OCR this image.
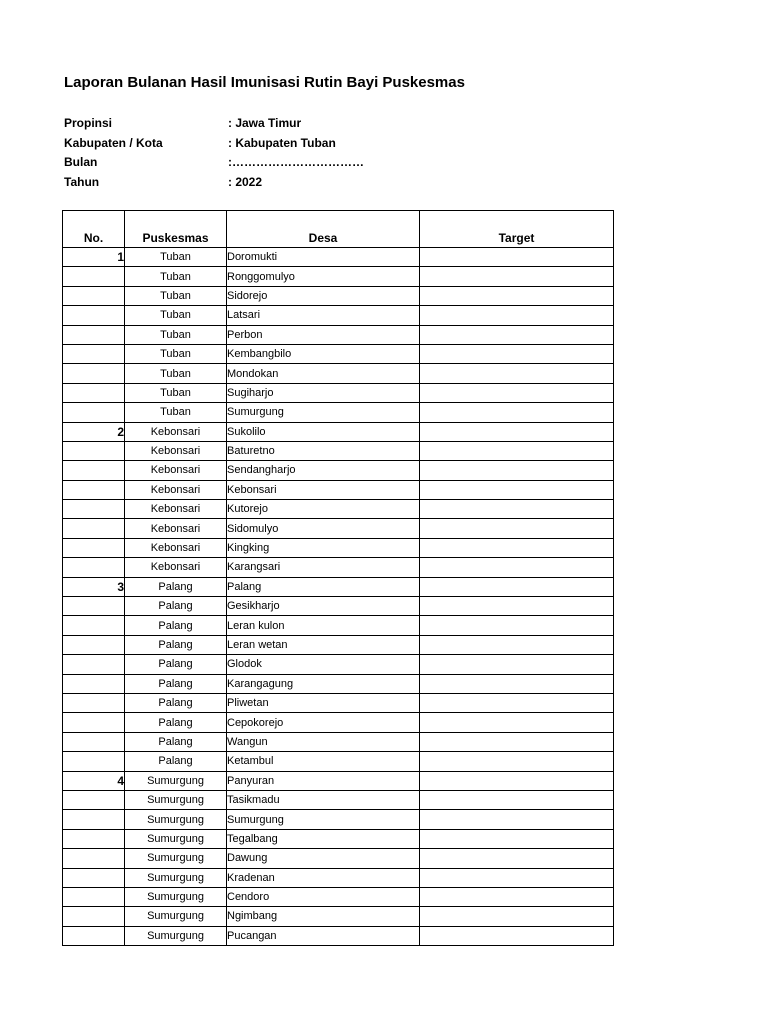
Laporan Bulanan Hasil Imunisasi Rutin Bayi Puskesmas
Propinsi	: Jawa Timur
Kabupaten / Kota	: Kabupaten Tuban
Bulan	:……………………………
Tahun	: 2022
No.	Puskesmas	Desa	Target
1	Tuban	Doromukti	
	Tuban	Ronggomulyo	
	Tuban	Sidorejo	
	Tuban	Latsari	
	Tuban	Perbon	
	Tuban	Kembangbilo	
	Tuban	Mondokan	
	Tuban	Sugiharjo	
	Tuban	Sumurgung	
2	Kebonsari	Sukolilo	
	Kebonsari	Baturetno	
	Kebonsari	Sendangharjo	
	Kebonsari	Kebonsari	
	Kebonsari	Kutorejo	
	Kebonsari	Sidomulyo	
	Kebonsari	Kingking	
	Kebonsari	Karangsari	
3	Palang	Palang	
	Palang	Gesikharjo	
	Palang	Leran kulon	
	Palang	Leran wetan	
	Palang	Glodok	
	Palang	Karangagung	
	Palang	Pliwetan	
	Palang	Cepokorejo	
	Palang	Wangun	
	Palang	Ketambul	
4	Sumurgung	Panyuran	
	Sumurgung	Tasikmadu	
	Sumurgung	Sumurgung	
	Sumurgung	Tegalbang	
	Sumurgung	Dawung	
	Sumurgung	Kradenan	
	Sumurgung	Cendoro	
	Sumurgung	Ngimbang	
	Sumurgung	Pucangan	
